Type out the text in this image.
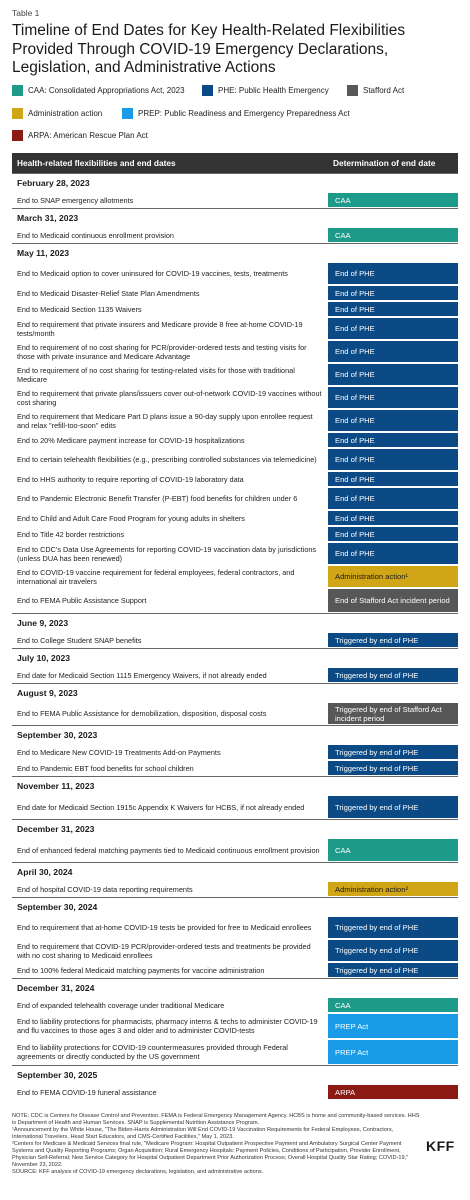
Table 1
Timeline of End Dates for Key Health-Related Flexibilities Provided Through COVID-19 Emergency Declarations, Legislation, and Administrative Actions
CAA: Consolidated Appropriations Act, 2023	PHE: Public Health Emergency	Stafford Act
Administration action	PREP: Public Readiness and Emergency Preparedness Act
ARPA: American Rescue Plan Act
Health-related flexibilities and end dates	Determination of end date
February 28, 2023
End to SNAP emergency allotments	CAA
March 31, 2023
End to Medicaid continuous enrollment provision	CAA
May 11, 2023
End to Medicaid option to cover uninsured for COVID-19 vaccines, tests, treatments	End of PHE
End to Medicaid Disaster-Relief State Plan Amendments	End of PHE
End to Medicaid Section 1135 Waivers	End of PHE
End to requirement that private insurers and Medicare provide 8 free at-home COVID-19 tests/month	End of PHE
End to requirement of no cost sharing for PCR/provider-ordered tests and testing visits for those with private insurance and Medicare Advantage	End of PHE
End to requirement of no cost sharing for testing-related visits for those with traditional Medicare	End of PHE
End to requirement that private plans/issuers cover out-of-network COVID-19 vaccines without cost sharing	End of PHE
End to requirement that Medicare Part D plans issue a 90-day supply upon enrollee request and relax "refill-too-soon" edits	End of PHE
End to 20% Medicare payment increase for COVID-19 hospitalizations	End of PHE
End to certain telehealth flexibilities (e.g., prescribing controlled substances via telemedicine)	End of PHE
End to HHS authority to require reporting of COVID-19 laboratory data	End of PHE
End to Pandemic Electronic Benefit Transfer (P-EBT) food benefits for children under 6	End of PHE
End to Child and Adult Care Food Program for young adults in shelters	End of PHE
End to Title 42 border restrictions	End of PHE
End to CDC's Data Use Agreements for reporting COVID-19 vaccination data by jurisdictions (unless DUA has been renewed)	End of PHE
End to COVID-19 vaccine requirement for federal employees, federal contractors, and international air travelers	Administration action¹
End to FEMA Public Assistance Support	End of Stafford Act incident period
June 9, 2023
End to College Student SNAP benefits	Triggered by end of PHE
July 10, 2023
End date for Medicaid Section 1115 Emergency Waivers, if not already ended	Triggered by end of PHE
August 9, 2023
End to FEMA Public Assistance for demobilization, disposition, disposal costs	Triggered by end of Stafford Act incident period
September 30, 2023
End to Medicare New COVID-19 Treatments Add-on Payments	Triggered by end of PHE
End to Pandemic EBT food benefits for school children	Triggered by end of PHE
November 11, 2023
End date for Medicaid Section 1915c Appendix K Waivers for HCBS, if not already ended	Triggered by end of PHE
December 31, 2023
End of enhanced federal matching payments tied to Medicaid continuous enrollment provision	CAA
April 30, 2024
End of hospital COVID-19 data reporting requirements	Administration action²
September 30, 2024
End to requirement that at-home COVID-19 tests be provided for free to Medicaid enrollees	Triggered by end of PHE
End to requirement that COVID-19 PCR/provider-ordered tests and treatments be provided with no cost sharing to Medicaid enrollees	Triggered by end of PHE
End to 100% federal Medicaid matching payments for vaccine administration	Triggered by end of PHE
December 31, 2024
End of expanded telehealth coverage under traditional Medicare	CAA
End to liability protections for pharmacists, pharmacy interns & techs to administer COVID-19 and flu vaccines to those ages 3 and older and to administer COVID-tests	PREP Act
End to liability protections for COVID-19 countermeasures provided through Federal agreements or directly conducted by the US government	PREP Act
September 30, 2025
End to FEMA COVID-19 funeral assistance	ARPA
NOTE: CDC is Centers for Disease Control and Prevention. FEMA is Federal Emergency Management Agency. HCBS is home and community-based services. HHS is Department of Health and Human Services. SNAP is Supplemental Nutrition Assistance Program.
¹Announcement by the White House, "The Biden-Harris Administration Will End COVID-19 Vaccination Requirements for Federal Employees, Contractors, International Travelers, Head Start Educators, and CMS-Certified Facilities," May 1, 2023.
²Centers for Medicare & Medicaid Services final rule, "Medicare Program: Hospital Outpatient Prospective Payment and Ambulatory Surgical Center Payment Systems and Quality Reporting Programs; Organ Acquisition; Rural Emergency Hospitals: Payment Policies, Conditions of Participation, Provider Enrollment, Physician Self-Referral; New Service Category for Hospital Outpatient Department Prior Authorization Process; Overall Hospital Quality Star Rating; COVID-19," November 23, 2022.
SOURCE: KFF analysis of COVID-19 emergency declarations, legislation, and administrative actions.
KFF
